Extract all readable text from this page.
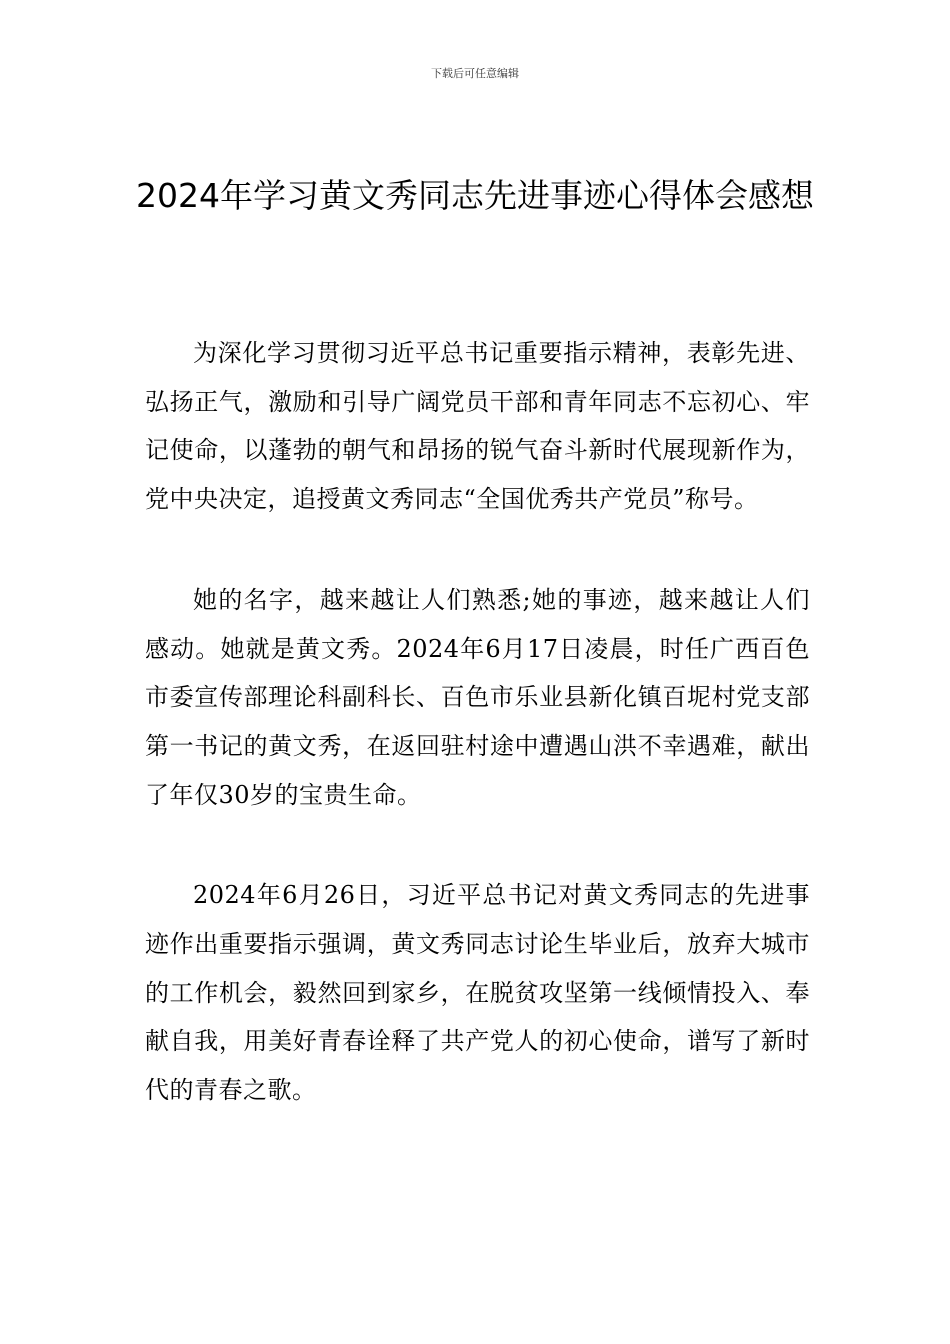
下载后可任意编辑

2024年学习黄文秀同志先进事迹心得体会感想

为深化学习贯彻习近平总书记重要指示精神，表彰先进、弘扬正气，激励和引导广阔党员干部和青年同志不忘初心、牢记使命，以蓬勃的朝气和昂扬的锐气奋斗新时代展现新作为，党中央决定，追授黄文秀同志“全国优秀共产党员”称号。

她的名字，越来越让人们熟悉;她的事迹，越来越让人们感动。她就是黄文秀。2024年6月17日凌晨，时任广西百色市委宣传部理论科副科长、百色市乐业县新化镇百坭村党支部第一书记的黄文秀，在返回驻村途中遭遇山洪不幸遇难，献出了年仅30岁的宝贵生命。

2024年6月26日，习近平总书记对黄文秀同志的先进事迹作出重要指示强调，黄文秀同志讨论生毕业后，放弃大城市的工作机会，毅然回到家乡，在脱贫攻坚第一线倾情投入、奉献自我，用美好青春诠释了共产党人的初心使命，谱写了新时代的青春之歌。
